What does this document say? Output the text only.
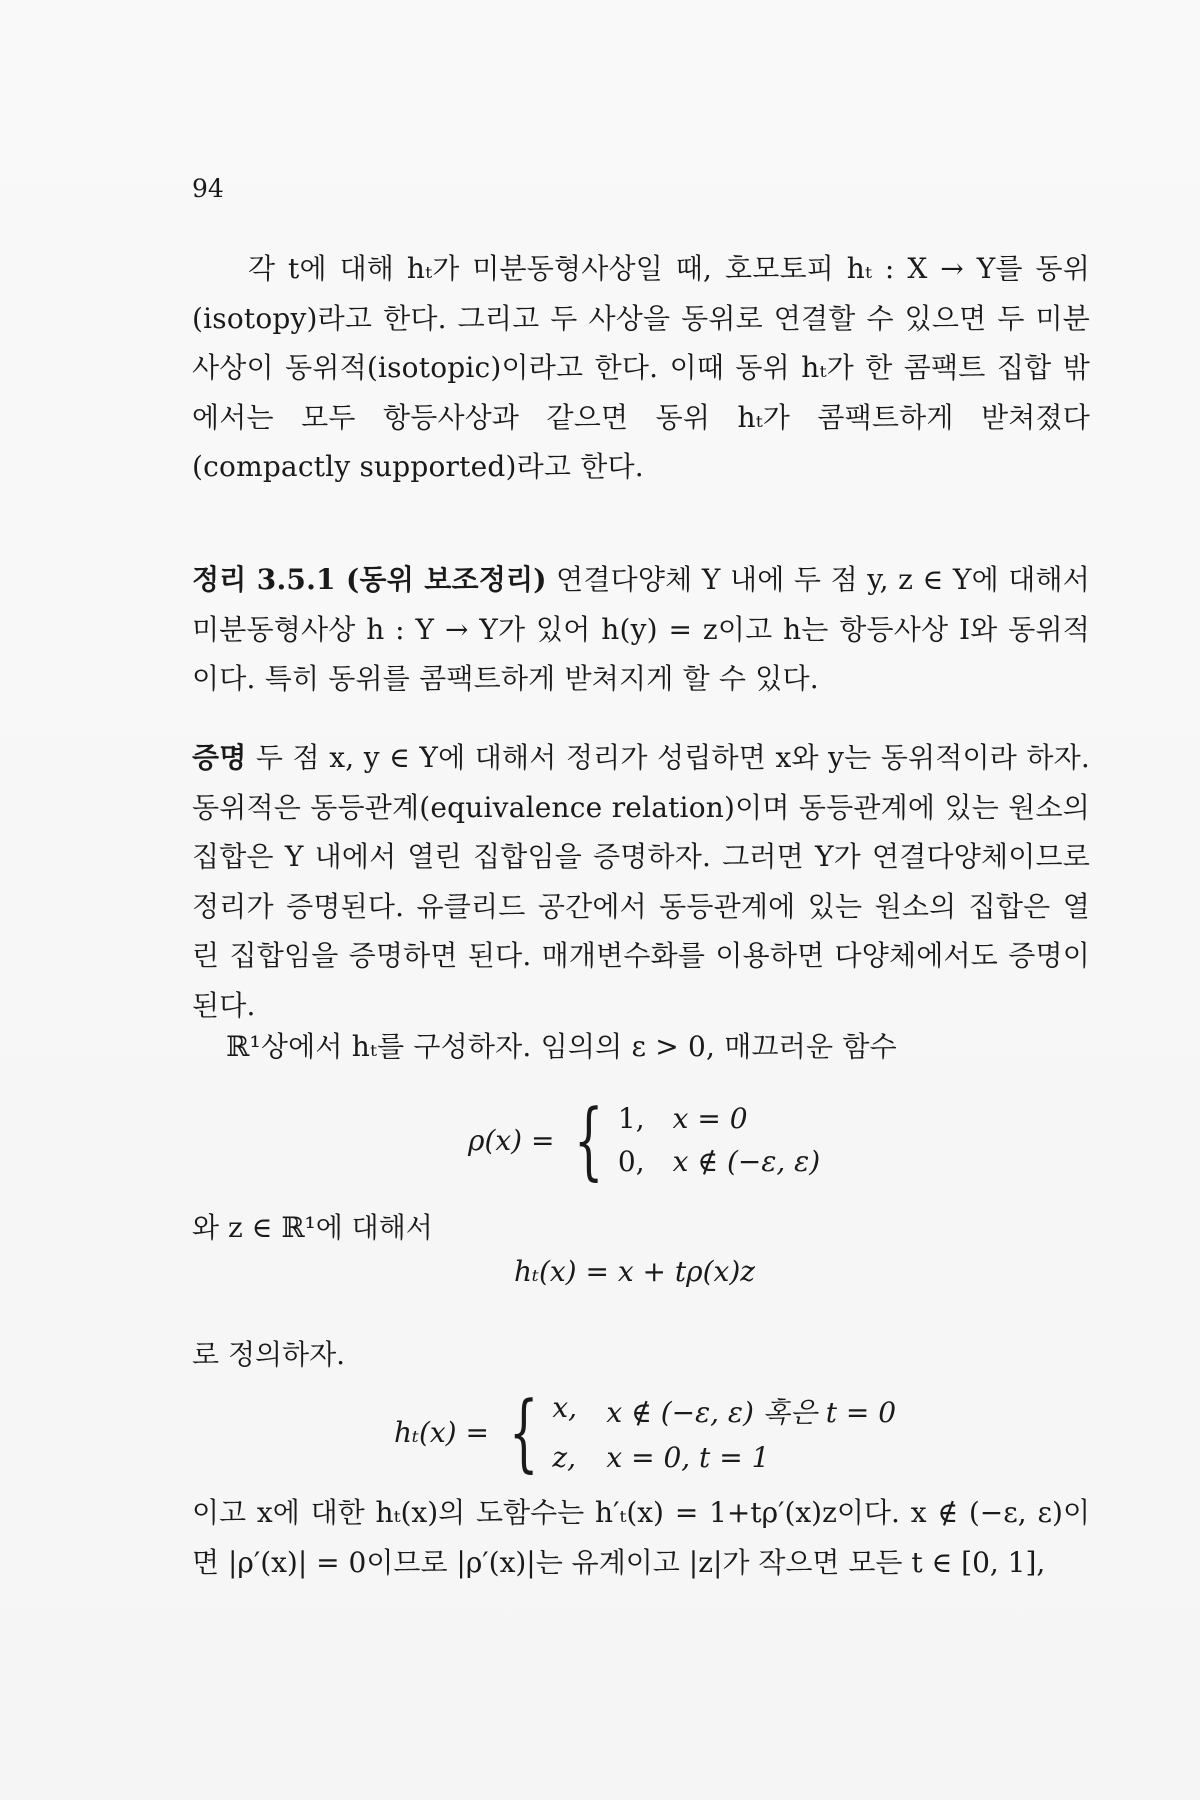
94
각 t에 대해 hₜ가 미분동형사상일 때, 호모토피 hₜ : X → Y를 동위(isotopy)라고 한다. 그리고 두 사상을 동위로 연결할 수 있으면 두 미분사상이 동위적(isotopic)이라고 한다. 이때 동위 hₜ가 한 콤팩트 집합 밖에서는 모두 항등사상과 같으면 동위 hₜ가 콤팩트하게 받쳐졌다(compactly supported)라고 한다.
정리 3.5.1 (동위 보조정리) 연결다양체 Y 내에 두 점 y, z ∈ Y에 대해서 미분동형사상 h : Y → Y가 있어 h(y) = z이고 h는 항등사상 I와 동위적이다. 특히 동위를 콤팩트하게 받쳐지게 할 수 있다.
증명 두 점 x, y ∈ Y에 대해서 정리가 성립하면 x와 y는 동위적이라 하자. 동위적은 동등관계(equivalence relation)이며 동등관계에 있는 원소의 집합은 Y 내에서 열린 집합임을 증명하자. 그러면 Y가 연결다양체이므로 정리가 증명된다. 유클리드 공간에서 동등관계에 있는 원소의 집합은 열린 집합임을 증명하면 된다. 매개변수화를 이용하면 다양체에서도 증명이 된다.
ℝ¹상에서 hₜ를 구성하자. 임의의 ε > 0, 매끄러운 함수
ρ(x) = { 1, x = 0
0, x ∉ (−ε, ε)
와 z ∈ ℝ¹에 대해서
hₜ(x) = x + tρ(x)z
로 정의하자.
hₜ(x) = { x, x ∉ (−ε, ε) 혹은 t = 0
z, x = 0, t = 1
이고 x에 대한 hₜ(x)의 도함수는 h′ₜ(x) = 1+tρ′(x)z이다. x ∉ (−ε, ε)이면 |ρ′(x)| = 0이므로 |ρ′(x)|는 유계이고 |z|가 작으면 모든 t ∈ [0, 1],
